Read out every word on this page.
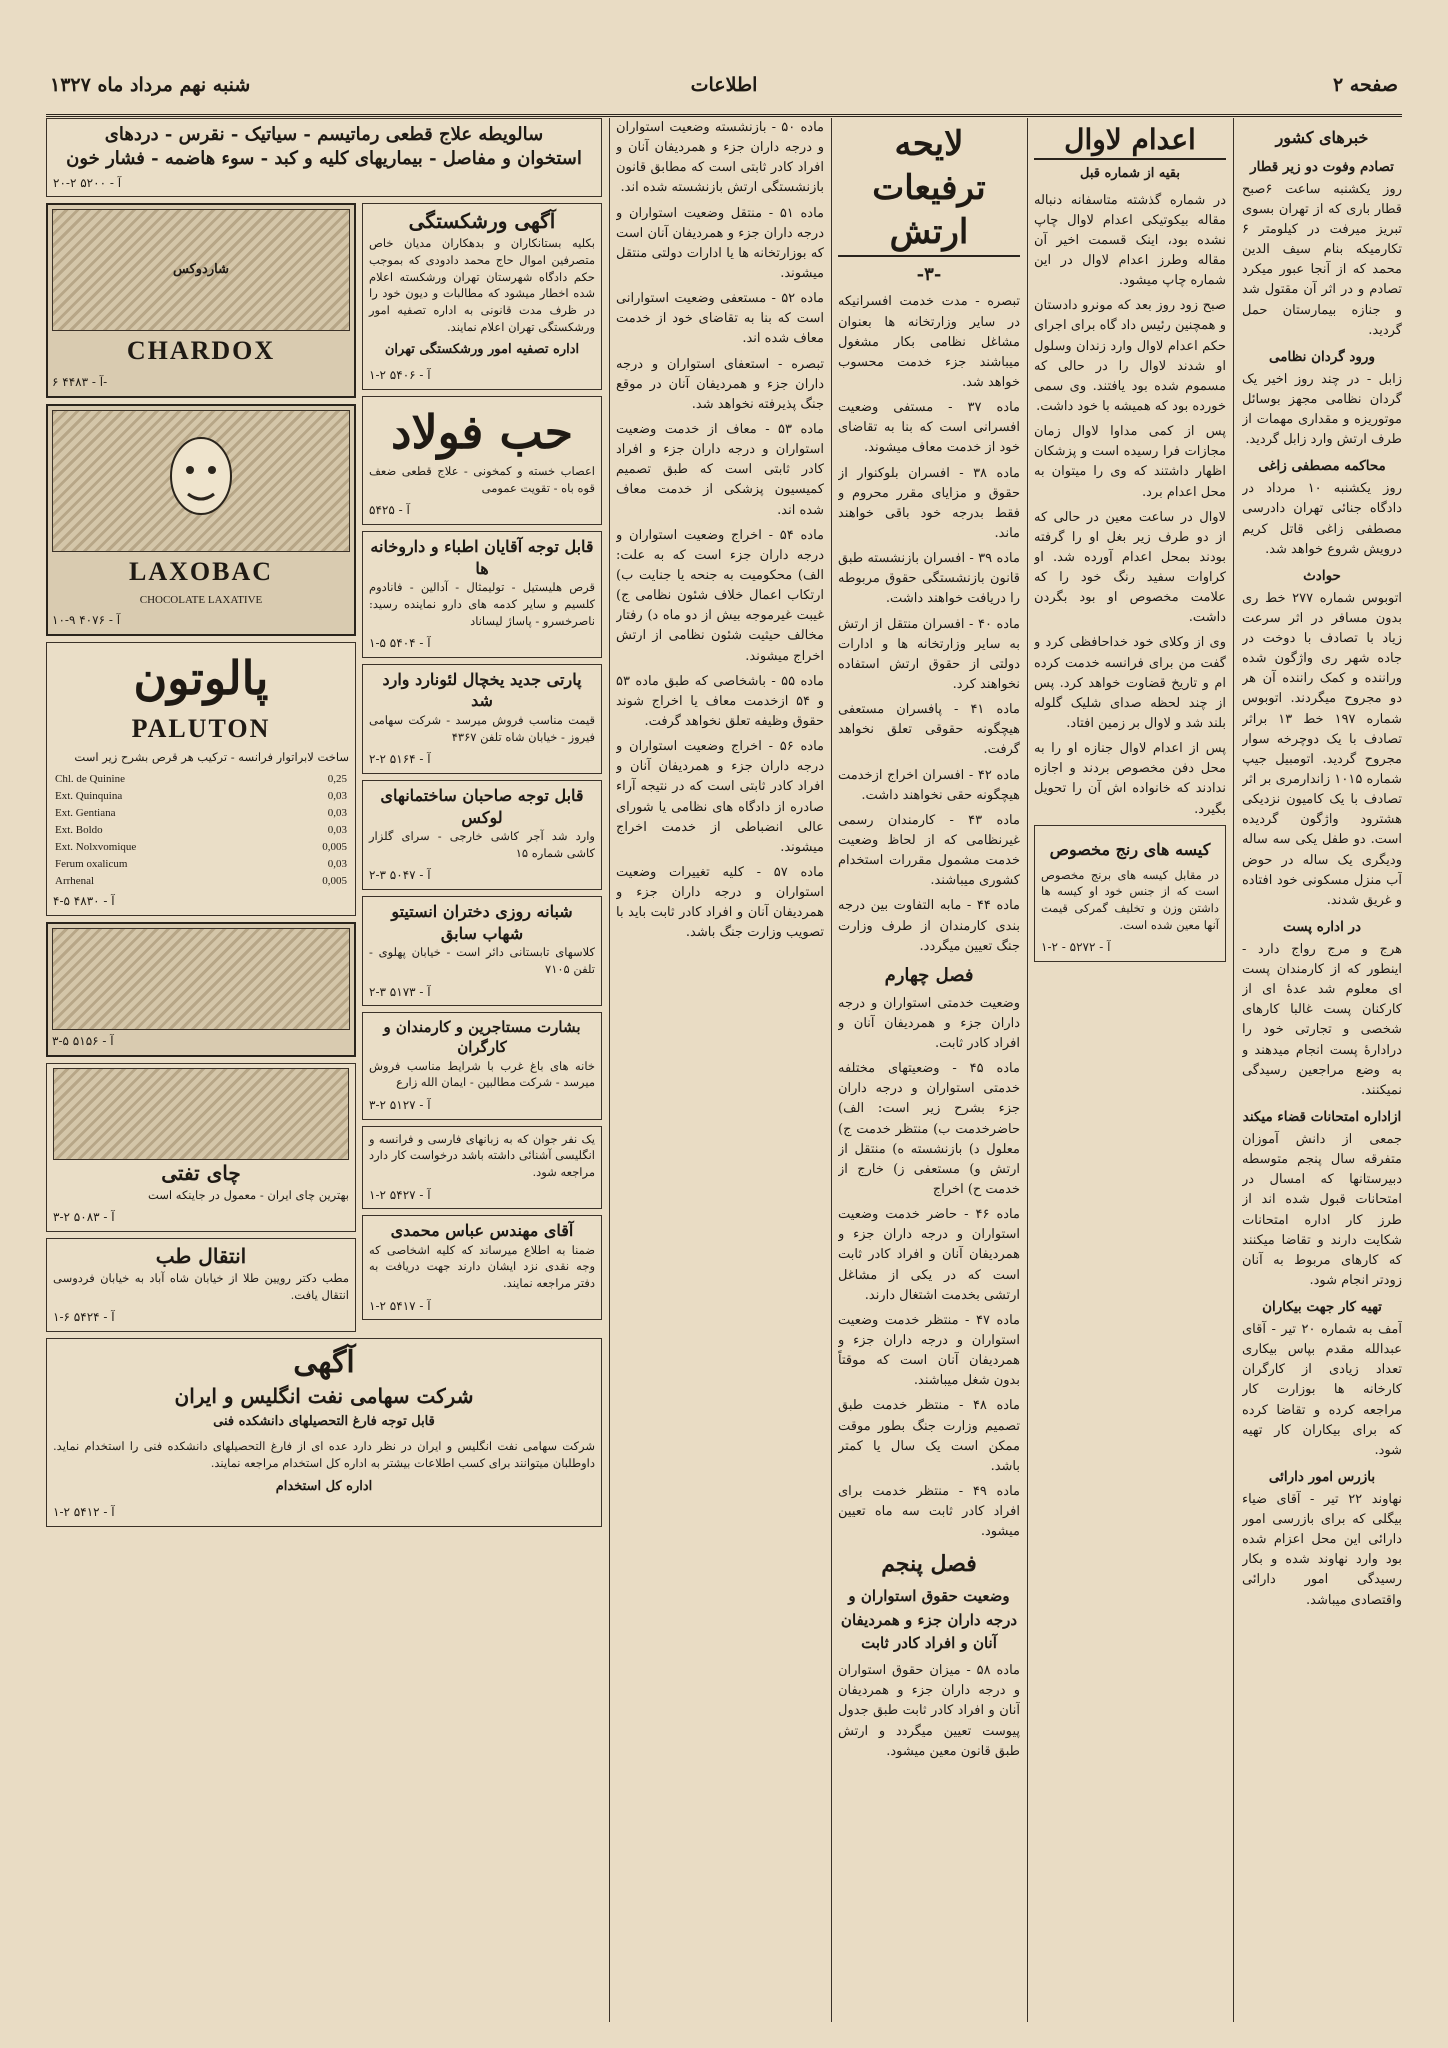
صفحه ۲
اطلاعات
شنبه نهم مرداد ماه ۱۳۲۷
خبرهای کشور
تصادم وفوت دو زیر قطار

روز یکشنبه ساعت ۶صبح قطار باری که از تهران بسوی تبریز میرفت در کیلومتر ۶ تکارمیکه بنام سیف الدین محمد که از آنجا عبور میکرد تصادم و در اثر آن مقتول شد و جنازه بیمارستان حمل گردید.

ورود گردان نظامی

زابل - در چند روز اخیر یک گردان نظامی مجهز بوسائل موتوریزه و مقداری مهمات از طرف ارتش وارد زابل گردید.

محاکمه مصطفی زاغی

روز یکشنبه ۱۰ مرداد در دادگاه جنائی تهران دادرسی مصطفی زاغی قاتل کریم درویش شروع خواهد شد.

حوادث

اتوبوس شماره ۲۷۷ خط ری بدون مسافر در اثر سرعت زیاد با تصادف با دوخت در جاده شهر ری واژگون شده وراننده و کمک راننده آن هر دو مجروح میگردند. اتوبوس شماره ۱۹۷ خط ۱۳ براثر تصادف با یک دوچرخه سوار مجروح گردید. اتومبیل جیپ شماره ۱۰۱۵ زاندارمری بر اثر تصادف با یک کامیون نزدیکی هشترود واژگون گردیده است. دو طفل یکی سه ساله ودیگری یک ساله در حوض آب منزل مسکونی خود افتاده و غریق شدند.

در اداره پست

هرج و مرج رواج دارد - اینطور که از کارمندان پست ای معلوم شد عدۀ ای از کارکنان پست غالبا کارهای شخصی و تجارتی خود را درادارهٔ پست انجام میدهند و به وضع مراجعین رسیدگی نمیکنند.

ازاداره امتحانات قضاء میکند

جمعی از دانش آموزان متفرقه سال پنجم متوسطه دبیرستانها که امسال در امتحانات قبول شده اند از طرز کار اداره امتحانات شکایت دارند و تقاضا میکنند که کارهای مربوط به آنان زودتر انجام شود.

تهیه کار جهت بیکاران

آمف به شماره ۲۰ تیر - آقای عبدالله مقدم بپاس بیکاری تعداد زیادی از کارگران کارخانه ها بوزارت کار مراجعه کرده و تقاضا کرده که برای بیکاران کار تهیه شود.

بازرس امور دارائی

نهاوند ۲۲ تیر - آقای ضیاء بیگلی که برای بازرسی امور دارائی این محل اعزام شده بود وارد نهاوند شده و بکار رسیدگی امور دارائی واقتصادی میباشد.

اعدام لاوال
بقیه از شماره قبل

در شماره گذشته متاسفانه دنباله مقاله بیکوتیکی اعدام لاوال چاپ نشده بود، اینک قسمت اخیر آن مقاله وطرز اعدام لاوال در این شماره چاپ میشود.

صبح زود روز بعد که مونرو دادستان و همچنین رئیس داد گاه برای اجرای حکم اعدام لاوال وارد زندان وسلول او شدند لاوال را در حالی که مسموم شده بود یافتند. وی سمی خورده بود که همیشه با خود داشت.

پس از کمی مداوا لاوال زمان مجازات فرا رسیده است و پزشکان اظهار داشتند که وی را میتوان به محل اعدام برد.

لاوال در ساعت معین در حالی که از دو طرف زیر بغل او را گرفته بودند بمحل اعدام آورده شد. او کراوات سفید رنگ خود را که علامت مخصوص او بود بگردن داشت.

وی از وکلای خود خداحافظی کرد و گفت من برای فرانسه خدمت کرده ام و تاریخ قضاوت خواهد کرد. پس از چند لحظه صدای شلیک گلوله بلند شد و لاوال بر زمین افتاد.

پس از اعدام لاوال جنازه او را به محل دفن مخصوص بردند و اجازه ندادند که خانواده اش آن را تحویل بگیرد.

کیسه های رنج مخصوص

در مقابل کیسه های برنج مخصوص است که از جنس خود او کیسه ها داشتن وزن و تخلیف گمرکی قیمت آنها معین شده است.

آ - ۵۲۷۲ - ۲-۱
لایحه ترفیعات ارتش
-۳-

تبصره - مدت خدمت افسرانیکه در سایر وزارتخانه ها بعنوان مشاغل نظامی بکار مشغول میباشند جزء خدمت محسوب خواهد شد.

ماده ۳۷ - مستفی وضعیت افسرانی است که بنا به تقاضای خود از خدمت معاف میشوند.

ماده ۳۸ - افسران بلوکنوار از حقوق و مزایای مقرر محروم و فقط بدرجه خود باقی خواهند ماند.

ماده ۳۹ - افسران بازنشسته طبق قانون بازنشستگی حقوق مربوطه را دریافت خواهند داشت.

ماده ۴۰ - افسران منتقل از ارتش به سایر وزارتخانه ها و ادارات دولتی از حقوق ارتش استفاده نخواهند کرد.

ماده ۴۱ - پافسران مستعفی هیچگونه حقوقی تعلق نخواهد گرفت.

ماده ۴۲ - افسران اخراج ازخدمت هیچگونه حقی نخواهند داشت.

ماده ۴۳ - کارمندان رسمی غیرنظامی که از لحاظ وضعیت خدمت مشمول مقررات استخدام کشوری میباشند.

ماده ۴۴ - مابه التفاوت بین درجه بندی کارمندان از طرف وزارت جنگ تعیین میگردد.

فصل چهارم

وضعیت خدمتی استواران و درجه داران جزء و همردیفان آنان و افراد کادر ثابت.

ماده ۴۵ - وضعیتهای مختلفه خدمتی استواران و درجه داران جزء بشرح زیر است: الف) حاضرخدمت ب) منتظر خدمت ج) معلول د) بازنشسته ه) منتقل از ارتش و) مستعفی ز) خارج از خدمت ح) اخراج

ماده ۴۶ - حاضر خدمت وضعیت استواران و درجه داران جزء و همردیفان آنان و افراد کادر ثابت است که در یکی از مشاغل ارتشی بخدمت اشتغال دارند.

ماده ۴۷ - منتظر خدمت وضعیت استواران و درجه داران جزء و همردیفان آنان است که موقتاً بدون شغل میباشند.

ماده ۴۸ - منتظر خدمت طبق تصمیم وزارت جنگ بطور موقت ممکن است یک سال یا کمتر باشد.

ماده ۴۹ - منتظر خدمت برای افراد کادر ثابت سه ماه تعیین میشود.

فصل پنجم
وضعیت حقوق استواران و درجه داران جزء و همردیفان آنان و افراد کادر ثابت

ماده ۵۸ - میزان حقوق استواران و درجه داران جزء و همردیفان آنان و افراد کادر ثابت طبق جدول پیوست تعیین میگردد و ارتش طبق قانون معین میشود.

ماده ۵۰ - بازنشسته وضعیت استواران و درجه داران جزء و همردیفان آنان و افراد کادر ثابتی است که مطابق قانون بازنشستگی ارتش بازنشسته شده اند.

ماده ۵۱ - منتقل وضعیت استواران و درجه داران جزء و همردیفان آنان است که بوزارتخانه ها یا ادارات دولتی منتقل میشوند.

ماده ۵۲ - مستعفی وضعیت استوارانی است که بنا به تقاضای خود از خدمت معاف شده اند.

تبصره - استعفای استواران و درجه داران جزء و همردیفان آنان در موقع جنگ پذیرفته نخواهد شد.

ماده ۵۳ - معاف از خدمت وضعیت استواران و درجه داران جزء و افراد کادر ثابتی است که طبق تصمیم کمیسیون پزشکی از خدمت معاف شده اند.

ماده ۵۴ - اخراج وضعیت استواران و درجه داران جزء است که به علت: الف) محکومیت به جنحه یا جنایت ب) ارتکاب اعمال خلاف شئون نظامی ج) غیبت غیرموجه بیش از دو ماه د) رفتار مخالف حیثیت شئون نظامی از ارتش اخراج میشوند.

ماده ۵۵ - باشخاصی که طبق ماده ۵۳ و ۵۴ ازخدمت معاف یا اخراج شوند حقوق وظیفه تعلق نخواهد گرفت.

ماده ۵۶ - اخراج وضعیت استواران و درجه داران جزء و همردیفان آنان و افراد کادر ثابتی است که در نتیجه آراء صادره از دادگاه های نظامی یا شورای عالی انضباطی از خدمت اخراج میشوند.

ماده ۵۷ - کلیه تغییرات وضعیت استواران و درجه داران جزء و همردیفان آنان و افراد کادر ثابت باید با تصویب وزارت جنگ باشد.

سالویطه علاج قطعی رماتیسم - سیاتیک - نقرس - دردهای
استخوان و مفاصل - بیماریهای کلیه و کبد - سوء هاضمه - فشار خون
آ - ۵۲۰۰ ۲-۲۰
آگهی ورشکستگی

بکلیه بستانکاران و بدهکاران مدیان خاص متصرفین اموال حاج محمد دادودی که بموجب حکم دادگاه شهرستان تهران ورشکسته اعلام شده اخطار میشود که مطالبات و دیون خود را در ظرف مدت قانونی به اداره تصفیه امور ورشکستگی تهران اعلام نمایند.

اداره تصفیه امور ورشکستگی تهران
آ - ۵۴۰۶ ۲-۱
حب فولاد

اعصاب خسته و کمخونی - علاج قطعی ضعف قوه باه - تقویت عمومی

آ - ۵۴۲۵
قابل توجه آقایان اطباء و داروخانه ها

قرص هلیستیل - تولیمثال - آدالین - فانادوم کلسیم و سایر کدمه های دارو نماینده رسید: ناصرخسرو - پاساژ لیساناد

آ - ۵۴۰۴ ۵-۱
پارتی جدید یخچال لئونارد وارد شد

قیمت مناسب فروش میرسد - شرکت سهامی فیروز - خیابان شاه تلفن ۴۳۶۷

آ - ۵۱۶۴ ۲-۲
قابل توجه صاحبان ساختمانهای لوکس

وارد شد آجر کاشی خارجی - سرای گلزار کاشی شماره ۱۵

آ - ۵۰۴۷ ۳-۲
شبانه روزی دختران انستیتو شهاب سابق

کلاسهای تابستانی دائر است - خیابان پهلوی - تلفن ۷۱۰۵

آ - ۵۱۷۳ ۳-۲
بشارت مستاجرین و کارمندان و کارگران

خانه های باغ غرب با شرایط مناسب فروش میرسد - شرکت مطالبین - ایمان الله زارع

آ - ۵۱۲۷ ۲-۳

یک نفر جوان که به زبانهای فارسی و فرانسه و انگلیسی آشنائی داشته باشد درخواست کار دارد مراجعه شود.

آ - ۵۴۲۷ ۲-۱
آقای مهندس عباس محمدی

ضمنا به اطلاع میرساند که کلیه اشخاصی که وجه نقدی نزد ایشان دارند جهت دریافت به دفتر مراجعه نمایند.

آ - ۵۴۱۷ ۲-۱
شاردوکس
CHARDOX
آ - ۴۴۸۳ ۶-
LAXOBAC
CHOCOLATE LAXATIVE
آ - ۴۰۷۶ ۹-۱۰
پالوتون
PALUTON

ساخت لابراتوار فرانسه - ترکیب هر قرص بشرح زیر است

Chl. de Quinine	0,25
Ext. Quinquina	0,03
Ext. Gentiana	0,03
Ext. Boldo	0,03
Ext. Nolxvomique	0,005
Ferum oxalicum	0,03
Arrhenal	0,005
آ - ۴۸۳۰ ۵-۴
آ - ۵۱۵۶ ۵-۳
چای تفتی

بهترین چای ایران - معمول در جاینکه است

آ - ۵۰۸۳ ۲-۳
انتقال طب

مطب دکتر رویین طلا از خیابان شاه آباد به خیابان فردوسی انتقال یافت.

آ - ۵۴۲۴ ۶-۱
آگهی
شرکت سهامی نفت انگلیس و ایران
قابل توجه فارغ التحصیلهای دانشکده فنی

شرکت سهامی نفت انگلیس و ایران در نظر دارد عده ای از فارغ التحصیلهای دانشکده فنی را استخدام نماید. داوطلبان میتوانند برای کسب اطلاعات بیشتر به اداره کل استخدام مراجعه نمایند.

اداره کل استخدام
آ - ۵۴۱۲ ۲-۱
